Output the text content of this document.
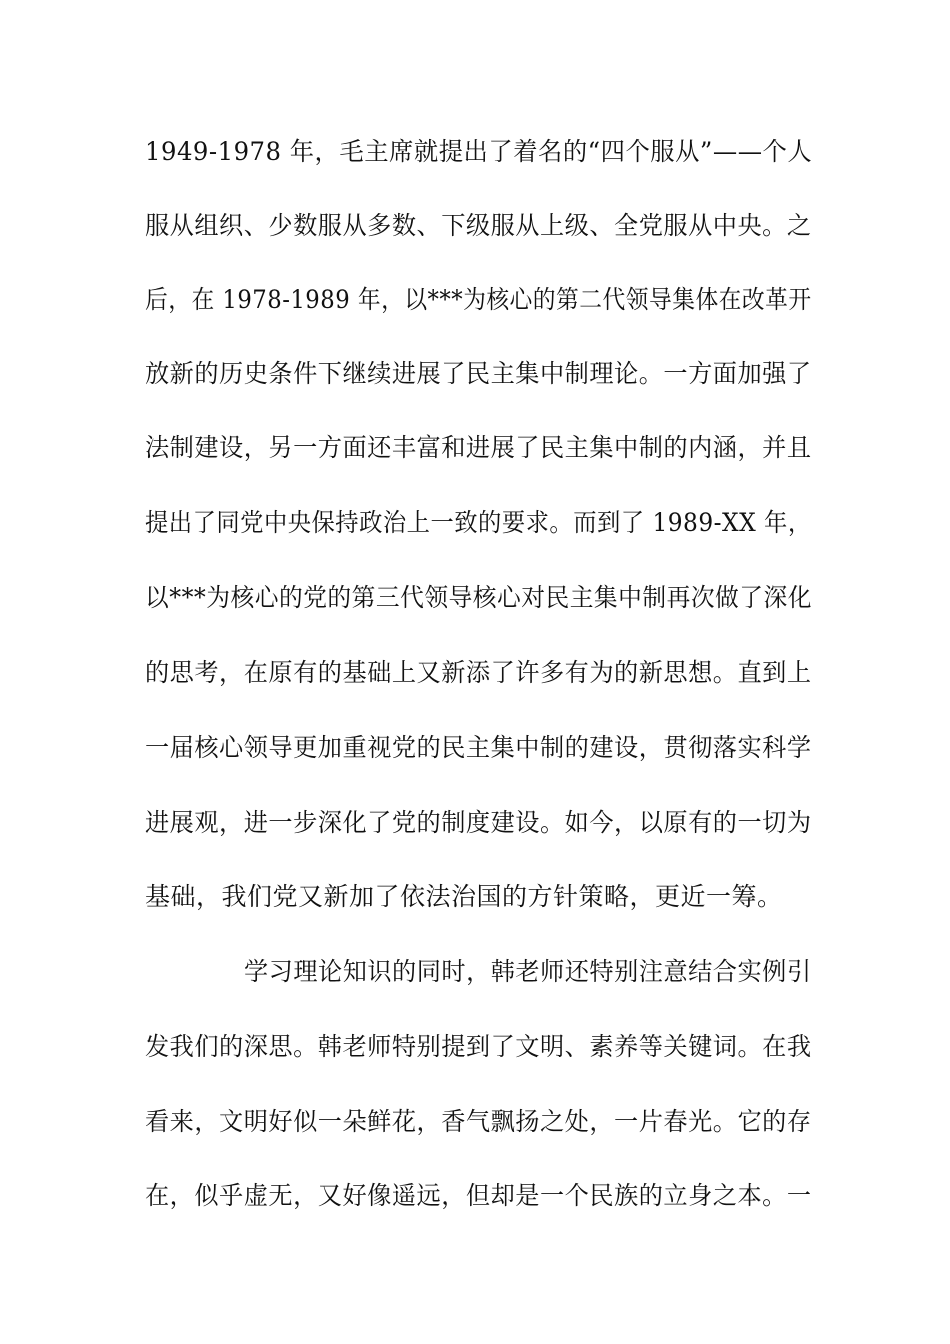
1949-1978 年，毛主席就提出了着名的“四个服从”——个人
服从组织、少数服从多数、下级服从上级、全党服从中央。之
后，在 1978-1989 年，以***为核心的第二代领导集体在改革开
放新的历史条件下继续进展了民主集中制理论。一方面加强了
法制建设，另一方面还丰富和进展了民主集中制的内涵，并且
提出了同党中央保持政治上一致的要求。而到了 1989-XX 年，
以***为核心的党的第三代领导核心对民主集中制再次做了深化
的思考，在原有的基础上又新添了许多有为的新思想。直到上
一届核心领导更加重视党的民主集中制的建设，贯彻落实科学
进展观，进一步深化了党的制度建设。如今，以原有的一切为
基础，我们党又新加了依法治国的方针策略，更近一筹。
学习理论知识的同时，韩老师还特别注意结合实例引
发我们的深思。韩老师特别提到了文明、素养等关键词。在我
看来，文明好似一朵鲜花，香气飘扬之处，一片春光。它的存
在，似乎虚无，又好像遥远，但却是一个民族的立身之本。一
